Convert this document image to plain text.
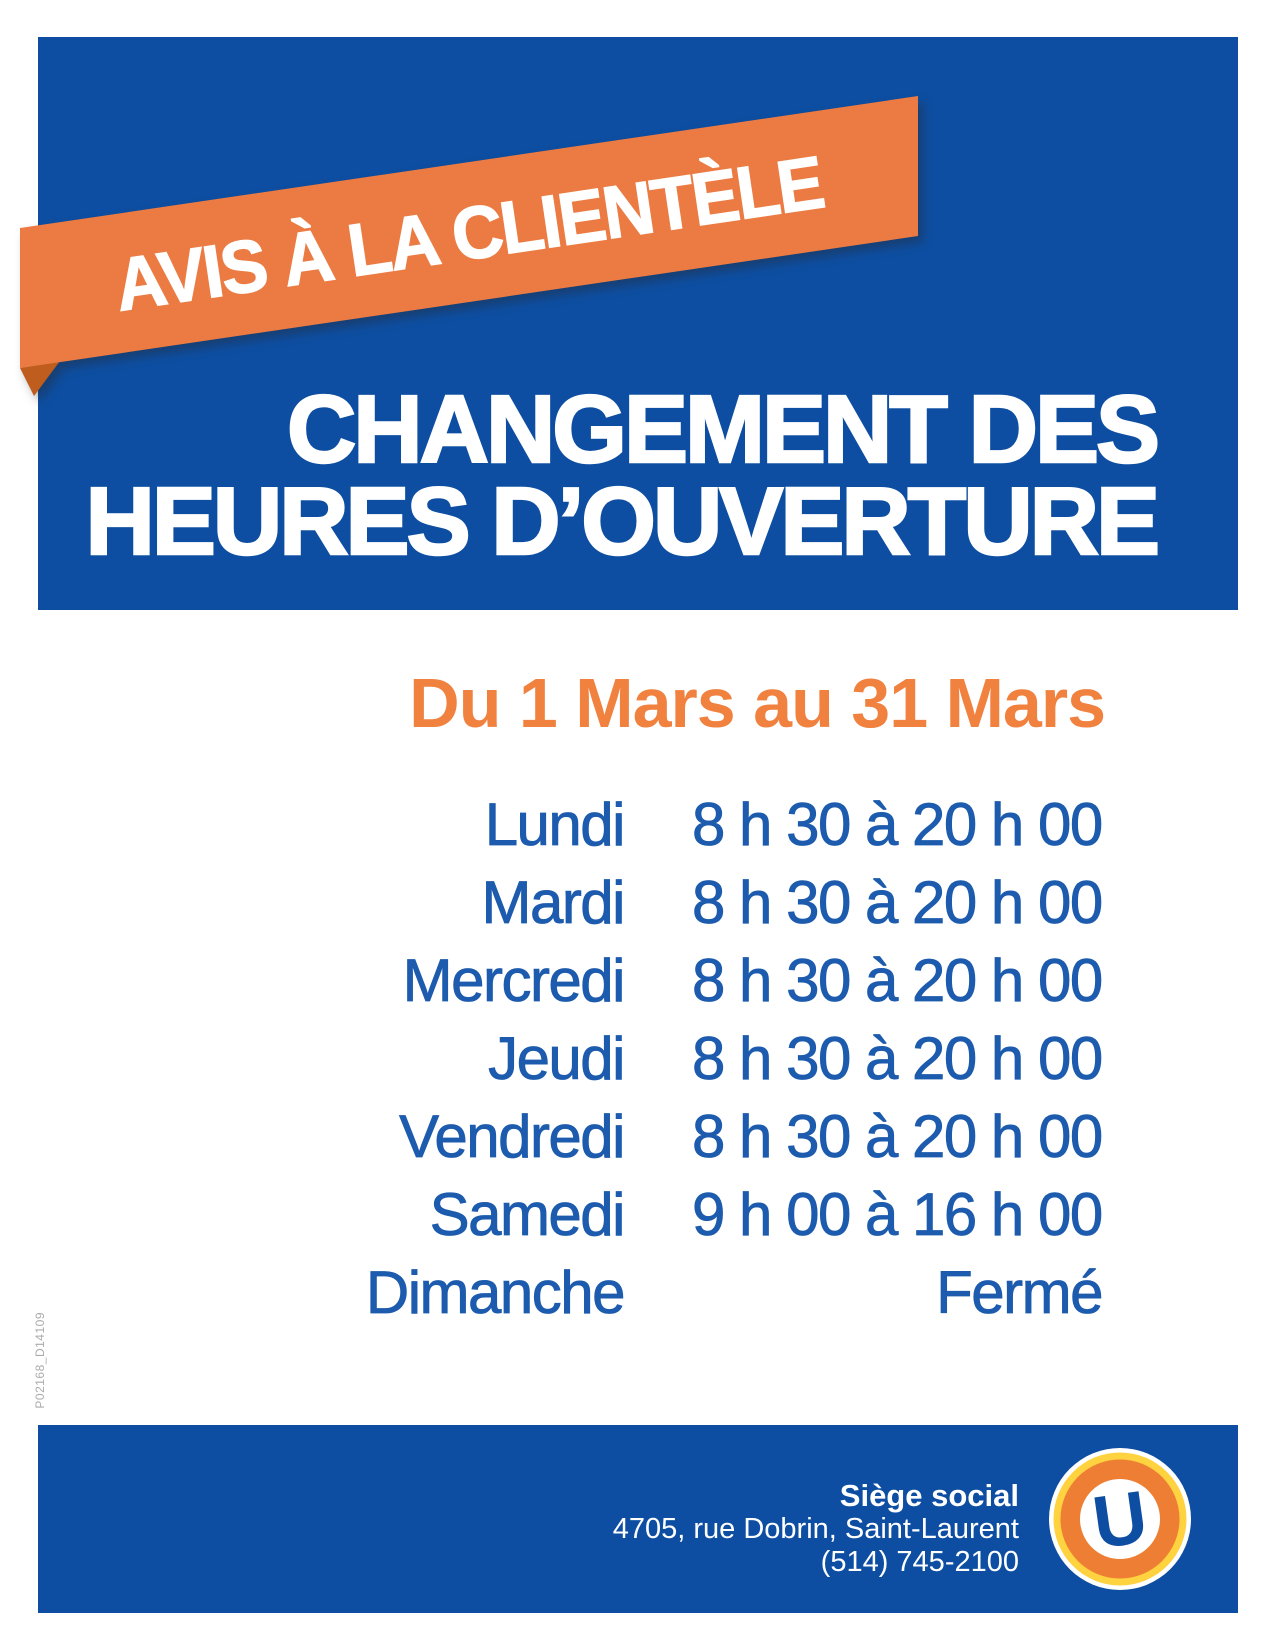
AVIS À LA CLIENTÈLE
CHANGEMENT DES
HEURES D’OUVERTURE
Du 1 Mars au 31 Mars
Lundi 8 h 30 à 20 h 00
Mardi 8 h 30 à 20 h 00
Mercredi 8 h 30 à 20 h 00
Jeudi 8 h 30 à 20 h 00
Vendredi 8 h 30 à 20 h 00
Samedi 9 h 00 à 16 h 00
Dimanche	Fermé
P02168_D14109
Siège social
4705, rue Dobrin, Saint-Laurent
(514) 745-2100 U
